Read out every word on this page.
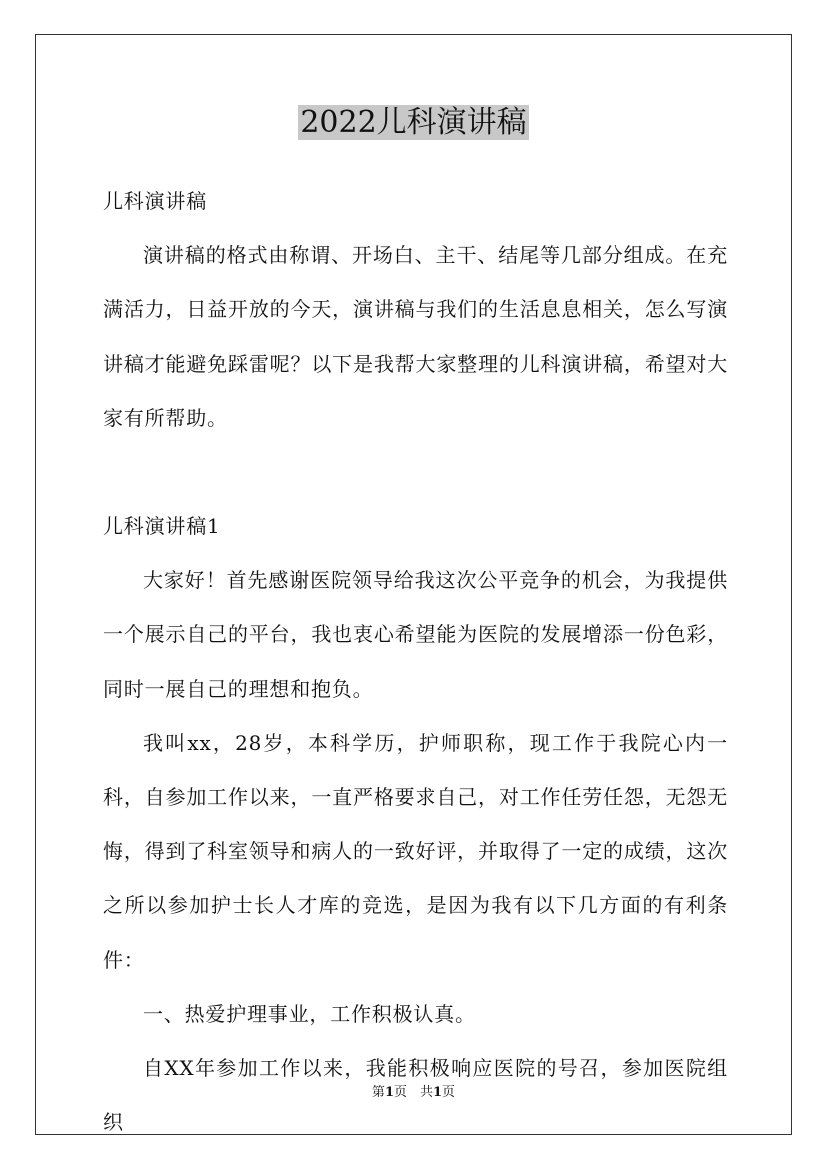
2022儿科演讲稿

儿科演讲稿

演讲稿的格式由称谓、开场白、主干、结尾等几部分组成。在充满活力，日益开放的今天，演讲稿与我们的生活息息相关，怎么写演讲稿才能避免踩雷呢？以下是我帮大家整理的儿科演讲稿，希望对大家有所帮助。

儿科演讲稿1

大家好！首先感谢医院领导给我这次公平竞争的机会，为我提供一个展示自己的平台，我也衷心希望能为医院的发展增添一份色彩，同时一展自己的理想和抱负。

我叫xx，28岁，本科学历，护师职称，现工作于我院心内一科，自参加工作以来，一直严格要求自己，对工作任劳任怨，无怨无悔，得到了科室领导和病人的一致好评，并取得了一定的成绩，这次之所以参加护士长人才库的竞选，是因为我有以下几方面的有利条件：

一、热爱护理事业，工作积极认真。

自XX年参加工作以来，我能积极响应医院的号召，参加医院组织

第1页　共1页
